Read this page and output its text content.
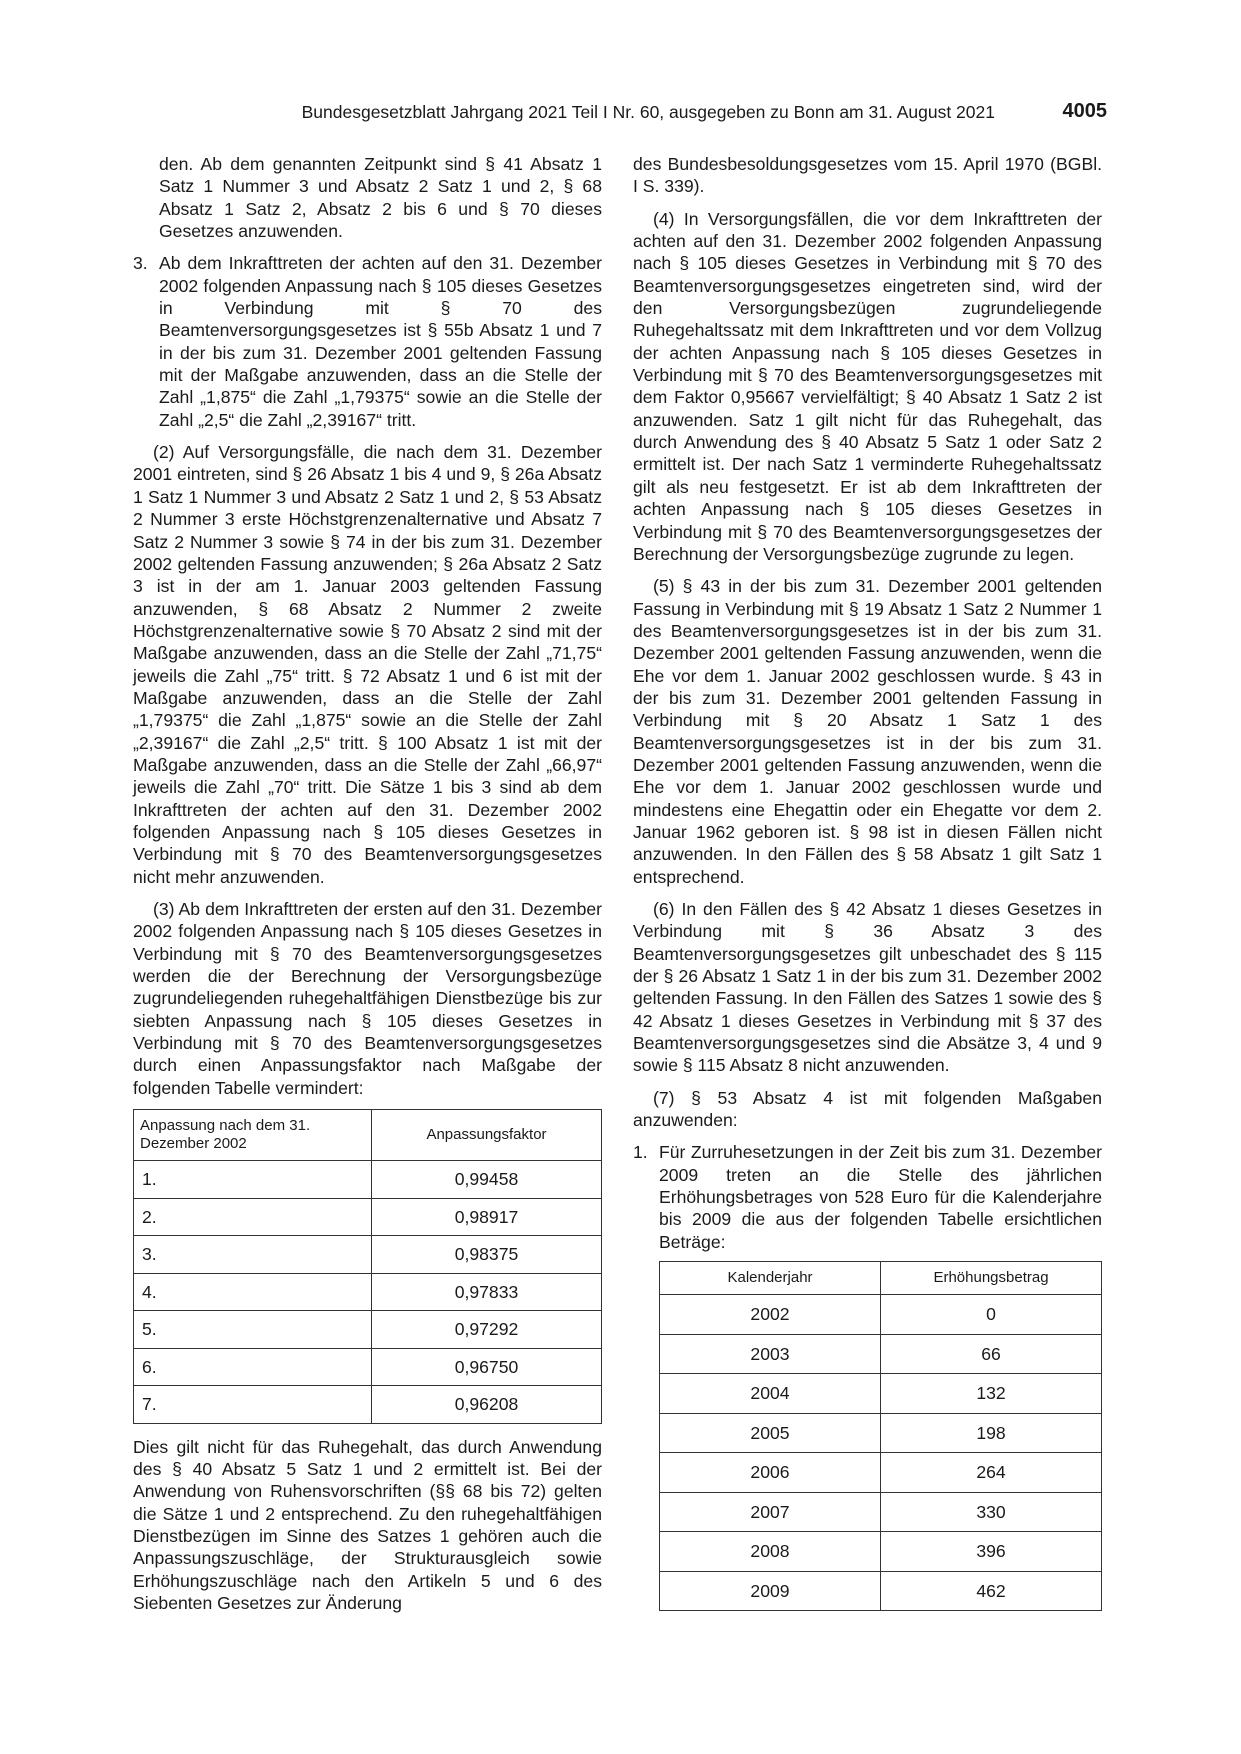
Bundesgesetzblatt Jahrgang 2021 Teil I Nr. 60, ausgegeben zu Bonn am 31. August 2021	4005

den. Ab dem genannten Zeitpunkt sind § 41 Absatz 1 Satz 1 Nummer 3 und Absatz 2 Satz 1 und 2, § 68 Absatz 1 Satz 2, Absatz 2 bis 6 und § 70 dieses Gesetzes anzuwenden.

3. Ab dem Inkrafttreten der achten auf den 31. Dezember 2002 folgenden Anpassung nach § 105 dieses Gesetzes in Verbindung mit § 70 des Beamtenversorgungsgesetzes ist § 55b Absatz 1 und 7 in der bis zum 31. Dezember 2001 geltenden Fassung mit der Maßgabe anzuwenden, dass an die Stelle der Zahl „1,875“ die Zahl „1,79375“ sowie an die Stelle der Zahl „2,5“ die Zahl „2,39167“ tritt.

(2) Auf Versorgungsfälle, die nach dem 31. Dezember 2001 eintreten, sind § 26 Absatz 1 bis 4 und 9, § 26a Absatz 1 Satz 1 Nummer 3 und Absatz 2 Satz 1 und 2, § 53 Absatz 2 Nummer 3 erste Höchstgrenzenalternative und Absatz 7 Satz 2 Nummer 3 sowie § 74 in der bis zum 31. Dezember 2002 geltenden Fassung anzuwenden; § 26a Absatz 2 Satz 3 ist in der am 1. Januar 2003 geltenden Fassung anzuwenden, § 68 Absatz 2 Nummer 2 zweite Höchstgrenzenalternative sowie § 70 Absatz 2 sind mit der Maßgabe anzuwenden, dass an die Stelle der Zahl „71,75“ jeweils die Zahl „75“ tritt. § 72 Absatz 1 und 6 ist mit der Maßgabe anzuwenden, dass an die Stelle der Zahl „1,79375“ die Zahl „1,875“ sowie an die Stelle der Zahl „2,39167“ die Zahl „2,5“ tritt. § 100 Absatz 1 ist mit der Maßgabe anzuwenden, dass an die Stelle der Zahl „66,97“ jeweils die Zahl „70“ tritt. Die Sätze 1 bis 3 sind ab dem Inkrafttreten der achten auf den 31. Dezember 2002 folgenden Anpassung nach § 105 dieses Gesetzes in Verbindung mit § 70 des Beamtenversorgungsgesetzes nicht mehr anzuwenden.

(3) Ab dem Inkrafttreten der ersten auf den 31. Dezember 2002 folgenden Anpassung nach § 105 dieses Gesetzes in Verbindung mit § 70 des Beamtenversorgungsgesetzes werden die der Berechnung der Versorgungsbezüge zugrundeliegenden ruhegehaltfähigen Dienstbezüge bis zur siebten Anpassung nach § 105 dieses Gesetzes in Verbindung mit § 70 des Beamtenversorgungsgesetzes durch einen Anpassungsfaktor nach Maßgabe der folgenden Tabelle vermindert:

Anpassung nach dem 31. Dezember 2002	Anpassungsfaktor
1.	0,99458
2.	0,98917
3.	0,98375
4.	0,97833
5.	0,97292
6.	0,96750
7.	0,96208

Dies gilt nicht für das Ruhegehalt, das durch Anwendung des § 40 Absatz 5 Satz 1 und 2 ermittelt ist. Bei der Anwendung von Ruhensvorschriften (§§ 68 bis 72) gelten die Sätze 1 und 2 entsprechend. Zu den ruhegehaltfähigen Dienstbezügen im Sinne des Satzes 1 gehören auch die Anpassungszuschläge, der Strukturausgleich sowie Erhöhungszuschläge nach den Artikeln 5 und 6 des Siebenten Gesetzes zur Änderung

des Bundesbesoldungsgesetzes vom 15. April 1970 (BGBl. I S. 339).

(4) In Versorgungsfällen, die vor dem Inkrafttreten der achten auf den 31. Dezember 2002 folgenden Anpassung nach § 105 dieses Gesetzes in Verbindung mit § 70 des Beamtenversorgungsgesetzes eingetreten sind, wird der den Versorgungsbezügen zugrundeliegende Ruhegehaltssatz mit dem Inkrafttreten und vor dem Vollzug der achten Anpassung nach § 105 dieses Gesetzes in Verbindung mit § 70 des Beamtenversorgungsgesetzes mit dem Faktor 0,95667 vervielfältigt; § 40 Absatz 1 Satz 2 ist anzuwenden. Satz 1 gilt nicht für das Ruhegehalt, das durch Anwendung des § 40 Absatz 5 Satz 1 oder Satz 2 ermittelt ist. Der nach Satz 1 verminderte Ruhegehaltssatz gilt als neu festgesetzt. Er ist ab dem Inkrafttreten der achten Anpassung nach § 105 dieses Gesetzes in Verbindung mit § 70 des Beamtenversorgungsgesetzes der Berechnung der Versorgungsbezüge zugrunde zu legen.

(5) § 43 in der bis zum 31. Dezember 2001 geltenden Fassung in Verbindung mit § 19 Absatz 1 Satz 2 Nummer 1 des Beamtenversorgungsgesetzes ist in der bis zum 31. Dezember 2001 geltenden Fassung anzuwenden, wenn die Ehe vor dem 1. Januar 2002 geschlossen wurde. § 43 in der bis zum 31. Dezember 2001 geltenden Fassung in Verbindung mit § 20 Absatz 1 Satz 1 des Beamtenversorgungsgesetzes ist in der bis zum 31. Dezember 2001 geltenden Fassung anzuwenden, wenn die Ehe vor dem 1. Januar 2002 geschlossen wurde und mindestens eine Ehegattin oder ein Ehegatte vor dem 2. Januar 1962 geboren ist. § 98 ist in diesen Fällen nicht anzuwenden. In den Fällen des § 58 Absatz 1 gilt Satz 1 entsprechend.

(6) In den Fällen des § 42 Absatz 1 dieses Gesetzes in Verbindung mit § 36 Absatz 3 des Beamtenversorgungsgesetzes gilt unbeschadet des § 115 der § 26 Absatz 1 Satz 1 in der bis zum 31. Dezember 2002 geltenden Fassung. In den Fällen des Satzes 1 sowie des § 42 Absatz 1 dieses Gesetzes in Verbindung mit § 37 des Beamtenversorgungsgesetzes sind die Absätze 3, 4 und 9 sowie § 115 Absatz 8 nicht anzuwenden.

(7) § 53 Absatz 4 ist mit folgenden Maßgaben anzuwenden:

1. Für Zurruhesetzungen in der Zeit bis zum 31. Dezember 2009 treten an die Stelle des jährlichen Erhöhungsbetrages von 528 Euro für die Kalenderjahre bis 2009 die aus der folgenden Tabelle ersichtlichen Beträge:

Kalenderjahr	Erhöhungsbetrag
2002	0
2003	66
2004	132
2005	198
2006	264
2007	330
2008	396
2009	462
